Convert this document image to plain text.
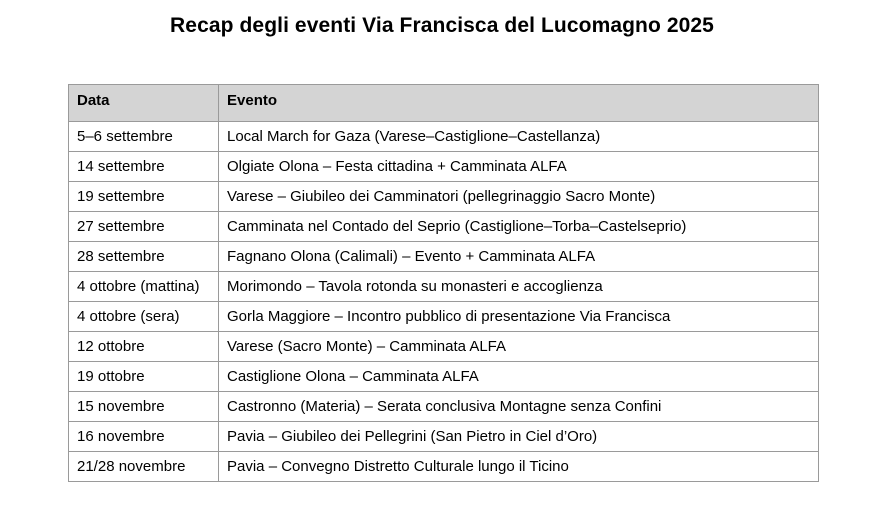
Recap degli eventi Via Francisca del Lucomagno 2025
Data	Evento
5–6 settembre	Local March for Gaza (Varese–Castiglione–Castellanza)
14 settembre	Olgiate Olona – Festa cittadina + Camminata ALFA
19 settembre	Varese – Giubileo dei Camminatori (pellegrinaggio Sacro Monte)
27 settembre	Camminata nel Contado del Seprio (Castiglione–Torba–Castelseprio)
28 settembre	Fagnano Olona (Calimali) – Evento + Camminata ALFA
4 ottobre (mattina)	Morimondo – Tavola rotonda su monasteri e accoglienza
4 ottobre (sera)	Gorla Maggiore – Incontro pubblico di presentazione Via Francisca
12 ottobre	Varese (Sacro Monte) – Camminata ALFA
19 ottobre	Castiglione Olona – Camminata ALFA
15 novembre	Castronno (Materia) – Serata conclusiva Montagne senza Confini
16 novembre	Pavia – Giubileo dei Pellegrini (San Pietro in Ciel d’Oro)
21/28 novembre	Pavia – Convegno Distretto Culturale lungo il Ticino
